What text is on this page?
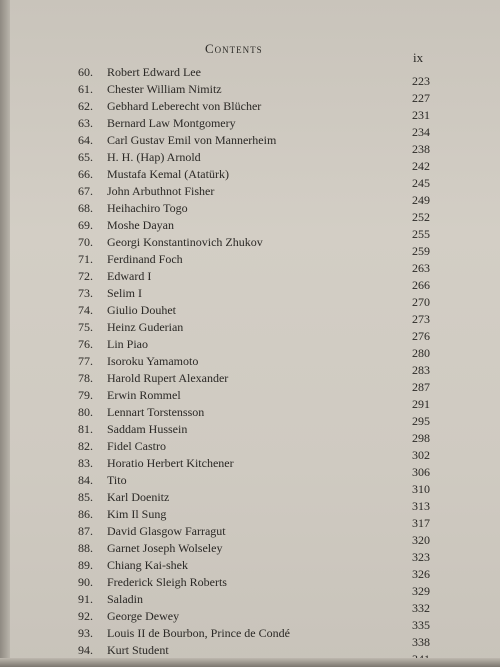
Contents
ix
60. Robert Edward Lee
61. Chester William Nimitz
62. Gebhard Leberecht von Blücher
63. Bernard Law Montgomery
64. Carl Gustav Emil von Mannerheim
65. H. H. (Hap) Arnold
66. Mustafa Kemal (Atatürk)
67. John Arbuthnot Fisher
68. Heihachiro Togo
69. Moshe Dayan
70. Georgi Konstantinovich Zhukov
71. Ferdinand Foch
72. Edward I
73. Selim I
74. Giulio Douhet
75. Heinz Guderian
76. Lin Piao
77. Isoroku Yamamoto
78. Harold Rupert Alexander
79. Erwin Rommel
80. Lennart Torstensson
81. Saddam Hussein
82. Fidel Castro
83. Horatio Herbert Kitchener
84. Tito
85. Karl Doenitz
86. Kim Il Sung
87. David Glasgow Farragut
88. Garnet Joseph Wolseley
89. Chiang Kai-shek
90. Frederick Sleigh Roberts
91. Saladin
92. George Dewey
93. Louis II de Bourbon, Prince de Condé
94. Kurt Student
223
227
231
234
238
242
245
249
252
255
259
263
266
270
273
276
280
283
287
291
295
298
302
306
310
313
317
320
323
326
329
332
335
338
